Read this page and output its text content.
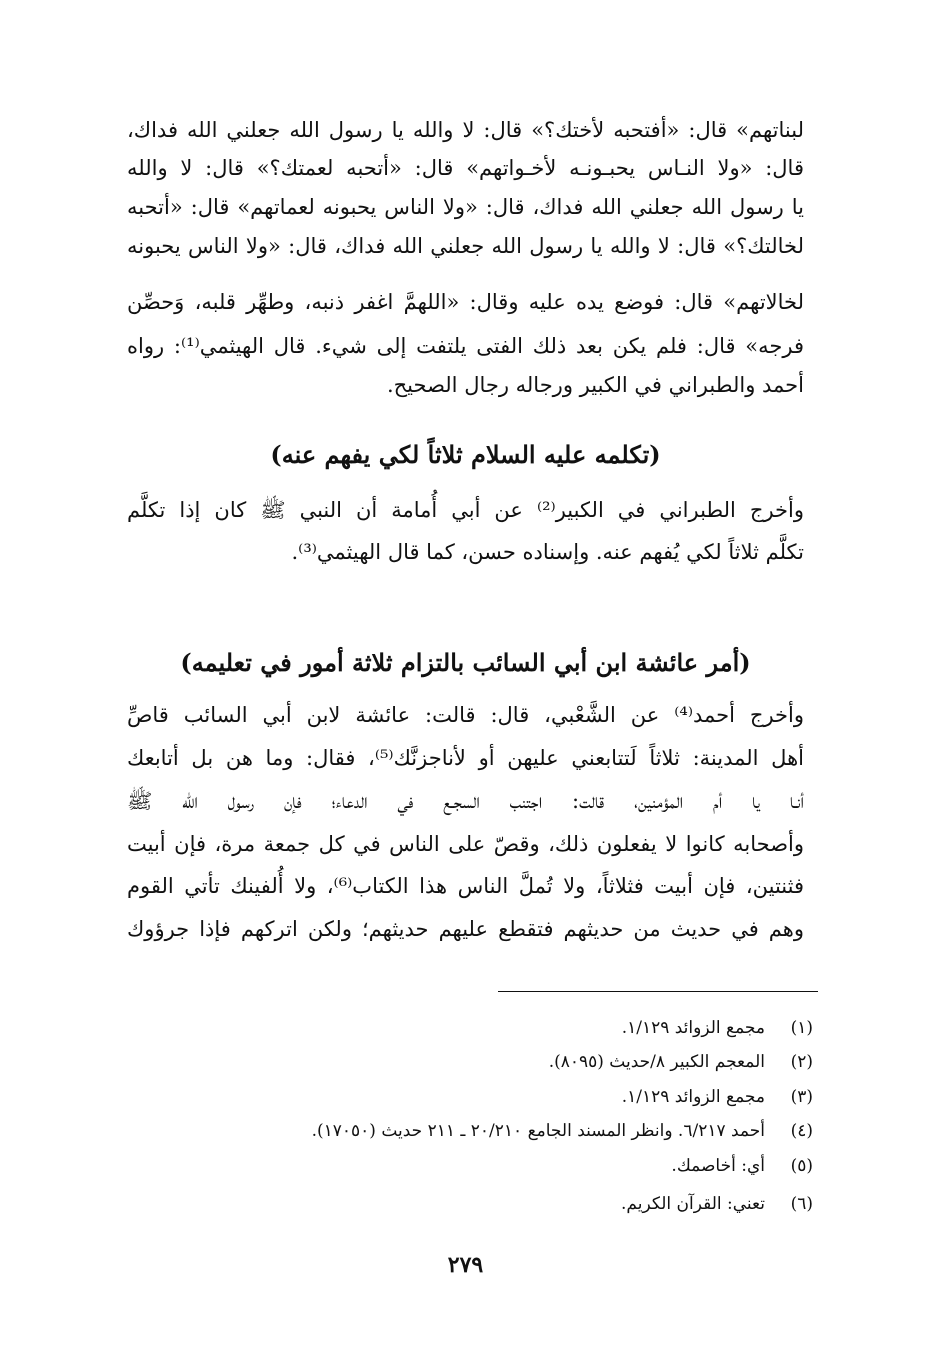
لبناتهم» قال: «أفتحبه لأختك؟» قال: لا والله يا رسول الله جعلني الله فداك،
قال: «ولا النـاس يحبـونـه لأخـواتهم» قال: «أتحبه لعمتك؟» قال: لا والله
يا رسول الله جعلني الله فداك، قال: «ولا الناس يحبونه لعماتهم» قال: «أتحبه
لخالتك؟» قال: لا والله يا رسول الله جعلني الله فداك، قال: «ولا الناس يحبونه
لخالاتهم» قال: فوضع يده عليه وقال: «اللهمَّ اغفر ذنبه، وطهِّر قلبه، وَحصِّن
فرجه» قال: فلم يكن بعد ذلك الفتى يلتفت إلى شيء. قال الهيثمي⁽¹⁾: رواه
أحمد والطبراني في الكبير ورجاله رجال الصحيح.
(تكلمه عليه السلام ثلاثاً لكي يفهم عنه)
وأخرج الطبراني في الكبير⁽²⁾ عن أبي أُمامة أن النبي ﷺ كان إذا تكلَّم
تكلَّم ثلاثاً لكي يُفهم عنه. وإسناده حسن، كما قال الهيثمي⁽³⁾.
(أمر عائشة ابن أبي السائب بالتزام ثلاثة أمور في تعليمه)
وأخرج أحمد⁽⁴⁾ عن الشَّعْبي، قال: قالت: عائشة لابن أبي السائب قاصِّ
أهل المدينة: ثلاثاً لَتتابعني عليهن أو لأناجزنَّك⁽⁵⁾، فقال: وما هن بل أتابعك
أنـا يا أم المؤمنين، قالت: اجتنب السجـع في الدعاء؛ فإن رسول الله ﷺ
وأصحابه كانوا لا يفعلون ذلك، وقصّ على الناس في كل جمعة مرة، فإن أبيت
فثنتين، فإن أبيت فثلاثاً، ولا تُملَّ الناس هذا الكتاب⁽⁶⁾، ولا أُلفينك تأتي القوم
وهم في حديث من حديثهم فتقطع عليهم حديثهم؛ ولكن اتركهم فإذا جرؤوك
(١)
مجمع الزوائد ١/١٢٩.
(٢)
المعجم الكبير ٨/حديث (٨٠٩٥).
(٣)
مجمع الزوائد ١/١٢٩.
(٤)
أحمد ٦/٢١٧. وانظر المسند الجامع ٢٠/٢١٠ ـ ٢١١ حديث (١٧٠٥٠).
(٥)
أي: أخاصمك.
(٦)
تعني: القرآن الكريم.
٢٧٩
